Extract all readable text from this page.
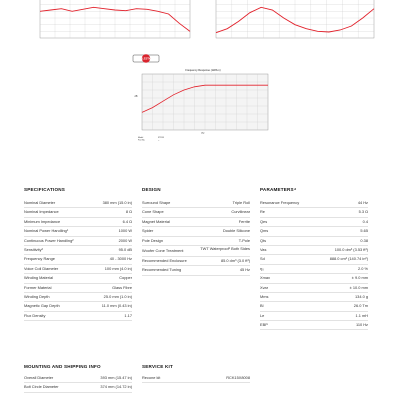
CELESTION
Frequency Response (1W/1m)
dB
Hz
Model	FTR18
Part No.	--
SPECIFICATIONS
Nominal Diameter	380 mm (15.0 in)
Nominal Impedance	8 Ω
Minimum Impedance	6.4 Ω
Nominal Power Handling¹	1000 W
Continuous Power Handling²	2000 W
Sensitivity³	95.0 dB
Frequency Range	40 - 3000 Hz
Voice Coil Diameter	100 mm (4.0 in)
Winding Material	Copper
Former Material	Glass Fibre
Winding Depth	25.0 mm (1.0 in)
Magnetic Gap Depth	11.0 mm (0.43 in)
Flux Density	1.17
DESIGN
Surround Shape	Triple Roll
Cone Shape	Curvilinear
Magnet Material	Ferrite
Spider	Double Silicone
Pole Design	T-Pole
Woofer Cone Treatment	TWT Waterproof¹ Both Sides
Recommended Enclosure	85.0 dm³ (3.0 ft³)
Recommended Tuning	45 Hz
PARAMETERS⁴
Resonance Frequency	44 Hz
Re	5.3 Ω
Qes	0.4
Qms	5.65
Qts	0.38
Vas	100.0 dm³ (3.53 ft³)
Sd	888.0 cm² (140.74 in²)
η₀	2.0 %
Xmax	± 9.0 mm
Xvar	± 10.0 mm
Mms	134.0 g
Bl	26.0 Tm
Le	1.1 mH
EBP	110 Hz
MOUNTING AND SHIPPING INFO
Overall Diameter	393 mm (15.47 in)
Bolt Circle Diameter	374 mm (14.72 in)
SERVICE KIT
Recone kit	RCK15X8008
